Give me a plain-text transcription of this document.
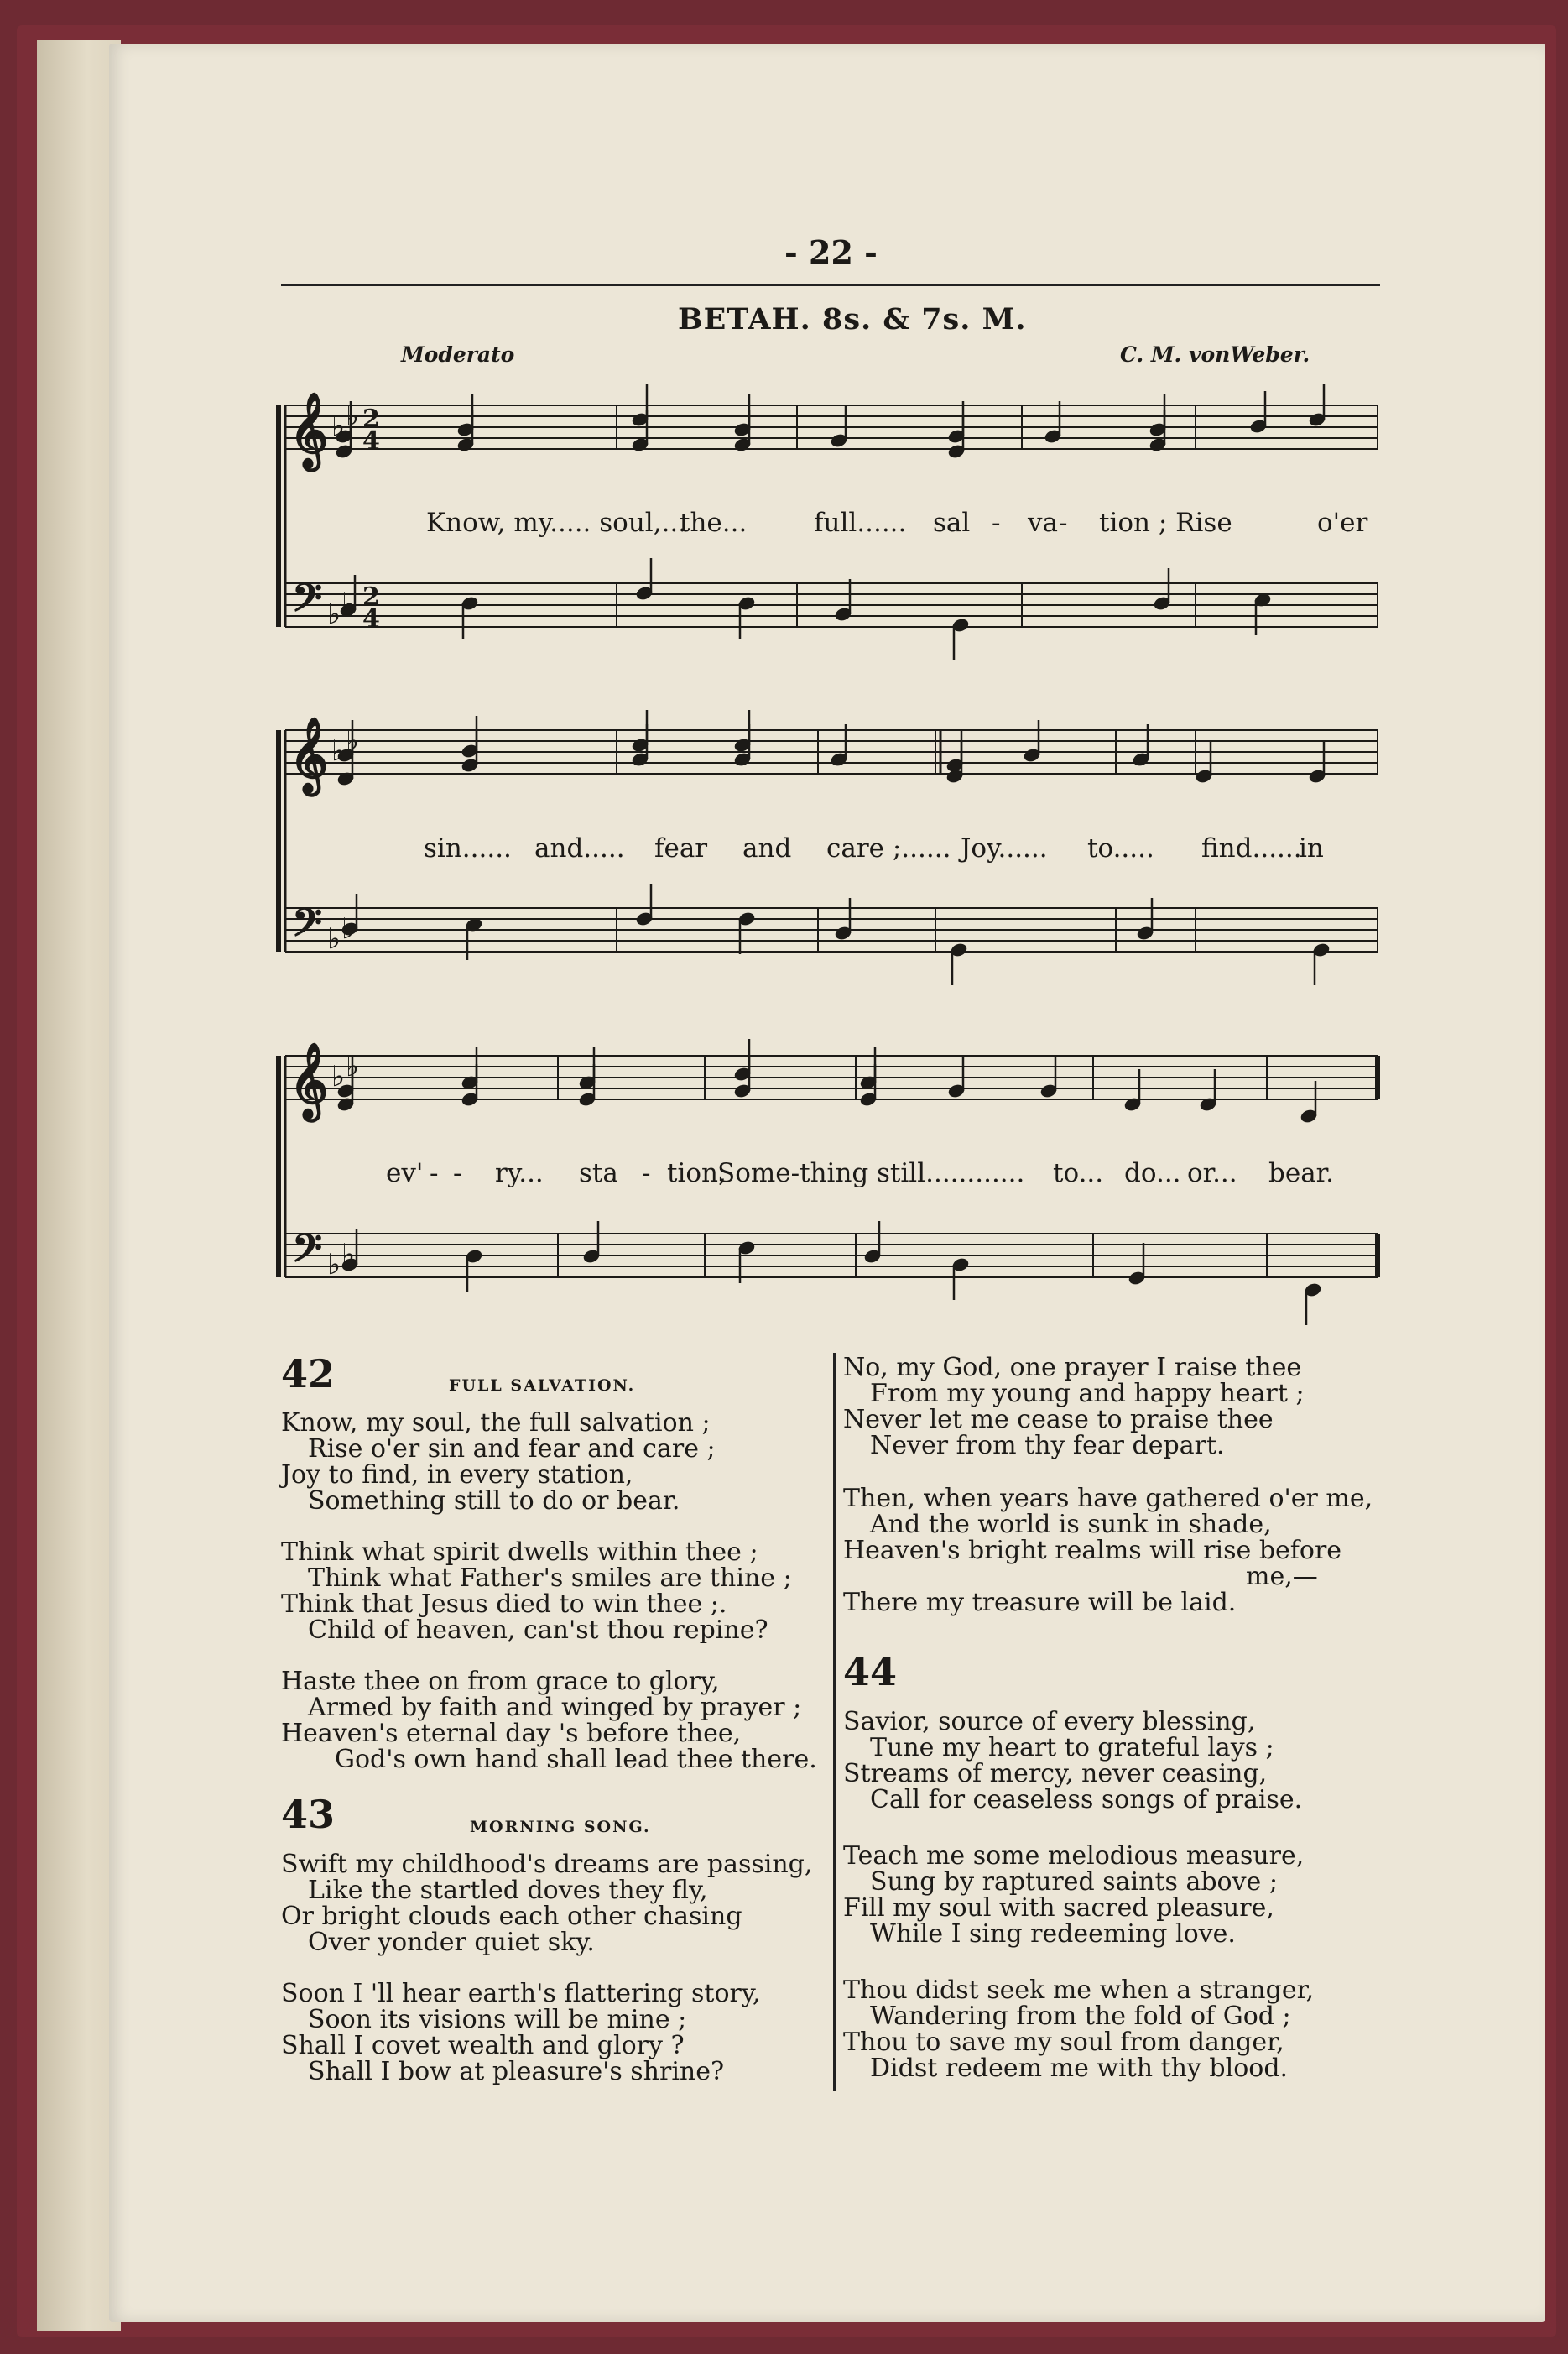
- 22 -
BETAH. 8s. & 7s. M.
Moderato	C. M. vonWeber.
𝄞
𝄢
♭ ♭
♭ ♭
2
4
2
4
𝄞
𝄢
♭ ♭
♭ ♭
𝄞
𝄢
♭ ♭
♭ ♭
Know, my..... soul,...
the...	full...... sal - va - tion ; Rise	o'er
sin...... and..... fear and care ;...... Joy...... to..... find......
in
ev' - - ry... sta - tion,
Some-thing still............ to... do... or... bear.
42	FULL SALVATION.
Know, my soul, the full salvation ;
Rise o'er sin and fear and care ;
Joy to find, in every station,
Something still to do or bear.
Think what spirit dwells within thee ;
Think what Father's smiles are thine ;
Think that Jesus died to win thee ;.
Child of heaven, can'st thou repine?
Haste thee on from grace to glory,
Armed by faith and winged by prayer ;
Heaven's eternal day 's before thee,
God's own hand shall lead thee there.
43	MORNING SONG.
Swift my childhood's dreams are passing,
Like the startled doves they fly,
Or bright clouds each other chasing
Over yonder quiet sky.
Soon I 'll hear earth's flattering story,
Soon its visions will be mine ;
Shall I covet wealth and glory ?
Shall I bow at pleasure's shrine?
No, my God, one prayer I raise thee
From my young and happy heart ;
Never let me cease to praise thee
Never from thy fear depart.
Then, when years have gathered o'er me,
And the world is sunk in shade,
Heaven's bright realms will rise before
me,—
There my treasure will be laid.
44
Savior, source of every blessing,
Tune my heart to grateful lays ;
Streams of mercy, never ceasing,
Call for ceaseless songs of praise.
Teach me some melodious measure,
Sung by raptured saints above ;
Fill my soul with sacred pleasure,
While I sing redeeming love.
Thou didst seek me when a stranger,
Wandering from the fold of God ;
Thou to save my soul from danger,
Didst redeem me with thy blood.
